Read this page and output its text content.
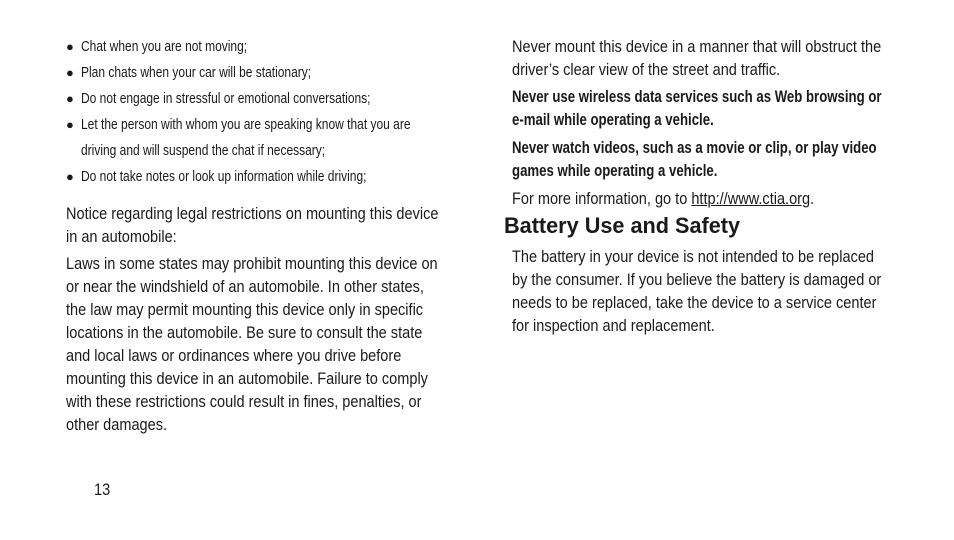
● Chat when you are not moving;
● Plan chats when your car will be stationary;
● Do not engage in stressful or emotional conversations;
● Let the person with whom you are speaking know that you are
driving and will suspend the chat if necessary;
● Do not take notes or look up information while driving;
Notice regarding legal restrictions on mounting this device
in an automobile:
Laws in some states may prohibit mounting this device on
or near the windshield of an automobile. In other states,
the law may permit mounting this device only in specific
locations in the automobile. Be sure to consult the state
and local laws or ordinances where you drive before
mounting this device in an automobile. Failure to comply
with these restrictions could result in fines, penalties, or
other damages.
Never mount this device in a manner that will obstruct the
driver’s clear view of the street and traffic.
Never use wireless data services such as Web browsing or
e-mail while operating a vehicle.
Never watch videos, such as a movie or clip, or play video
games while operating a vehicle.
For more information, go to http://www.ctia.org.
Battery Use and Safety
The battery in your device is not intended to be replaced
by the consumer. If you believe the battery is damaged or
needs to be replaced, take the device to a service center
for inspection and replacement.
13
